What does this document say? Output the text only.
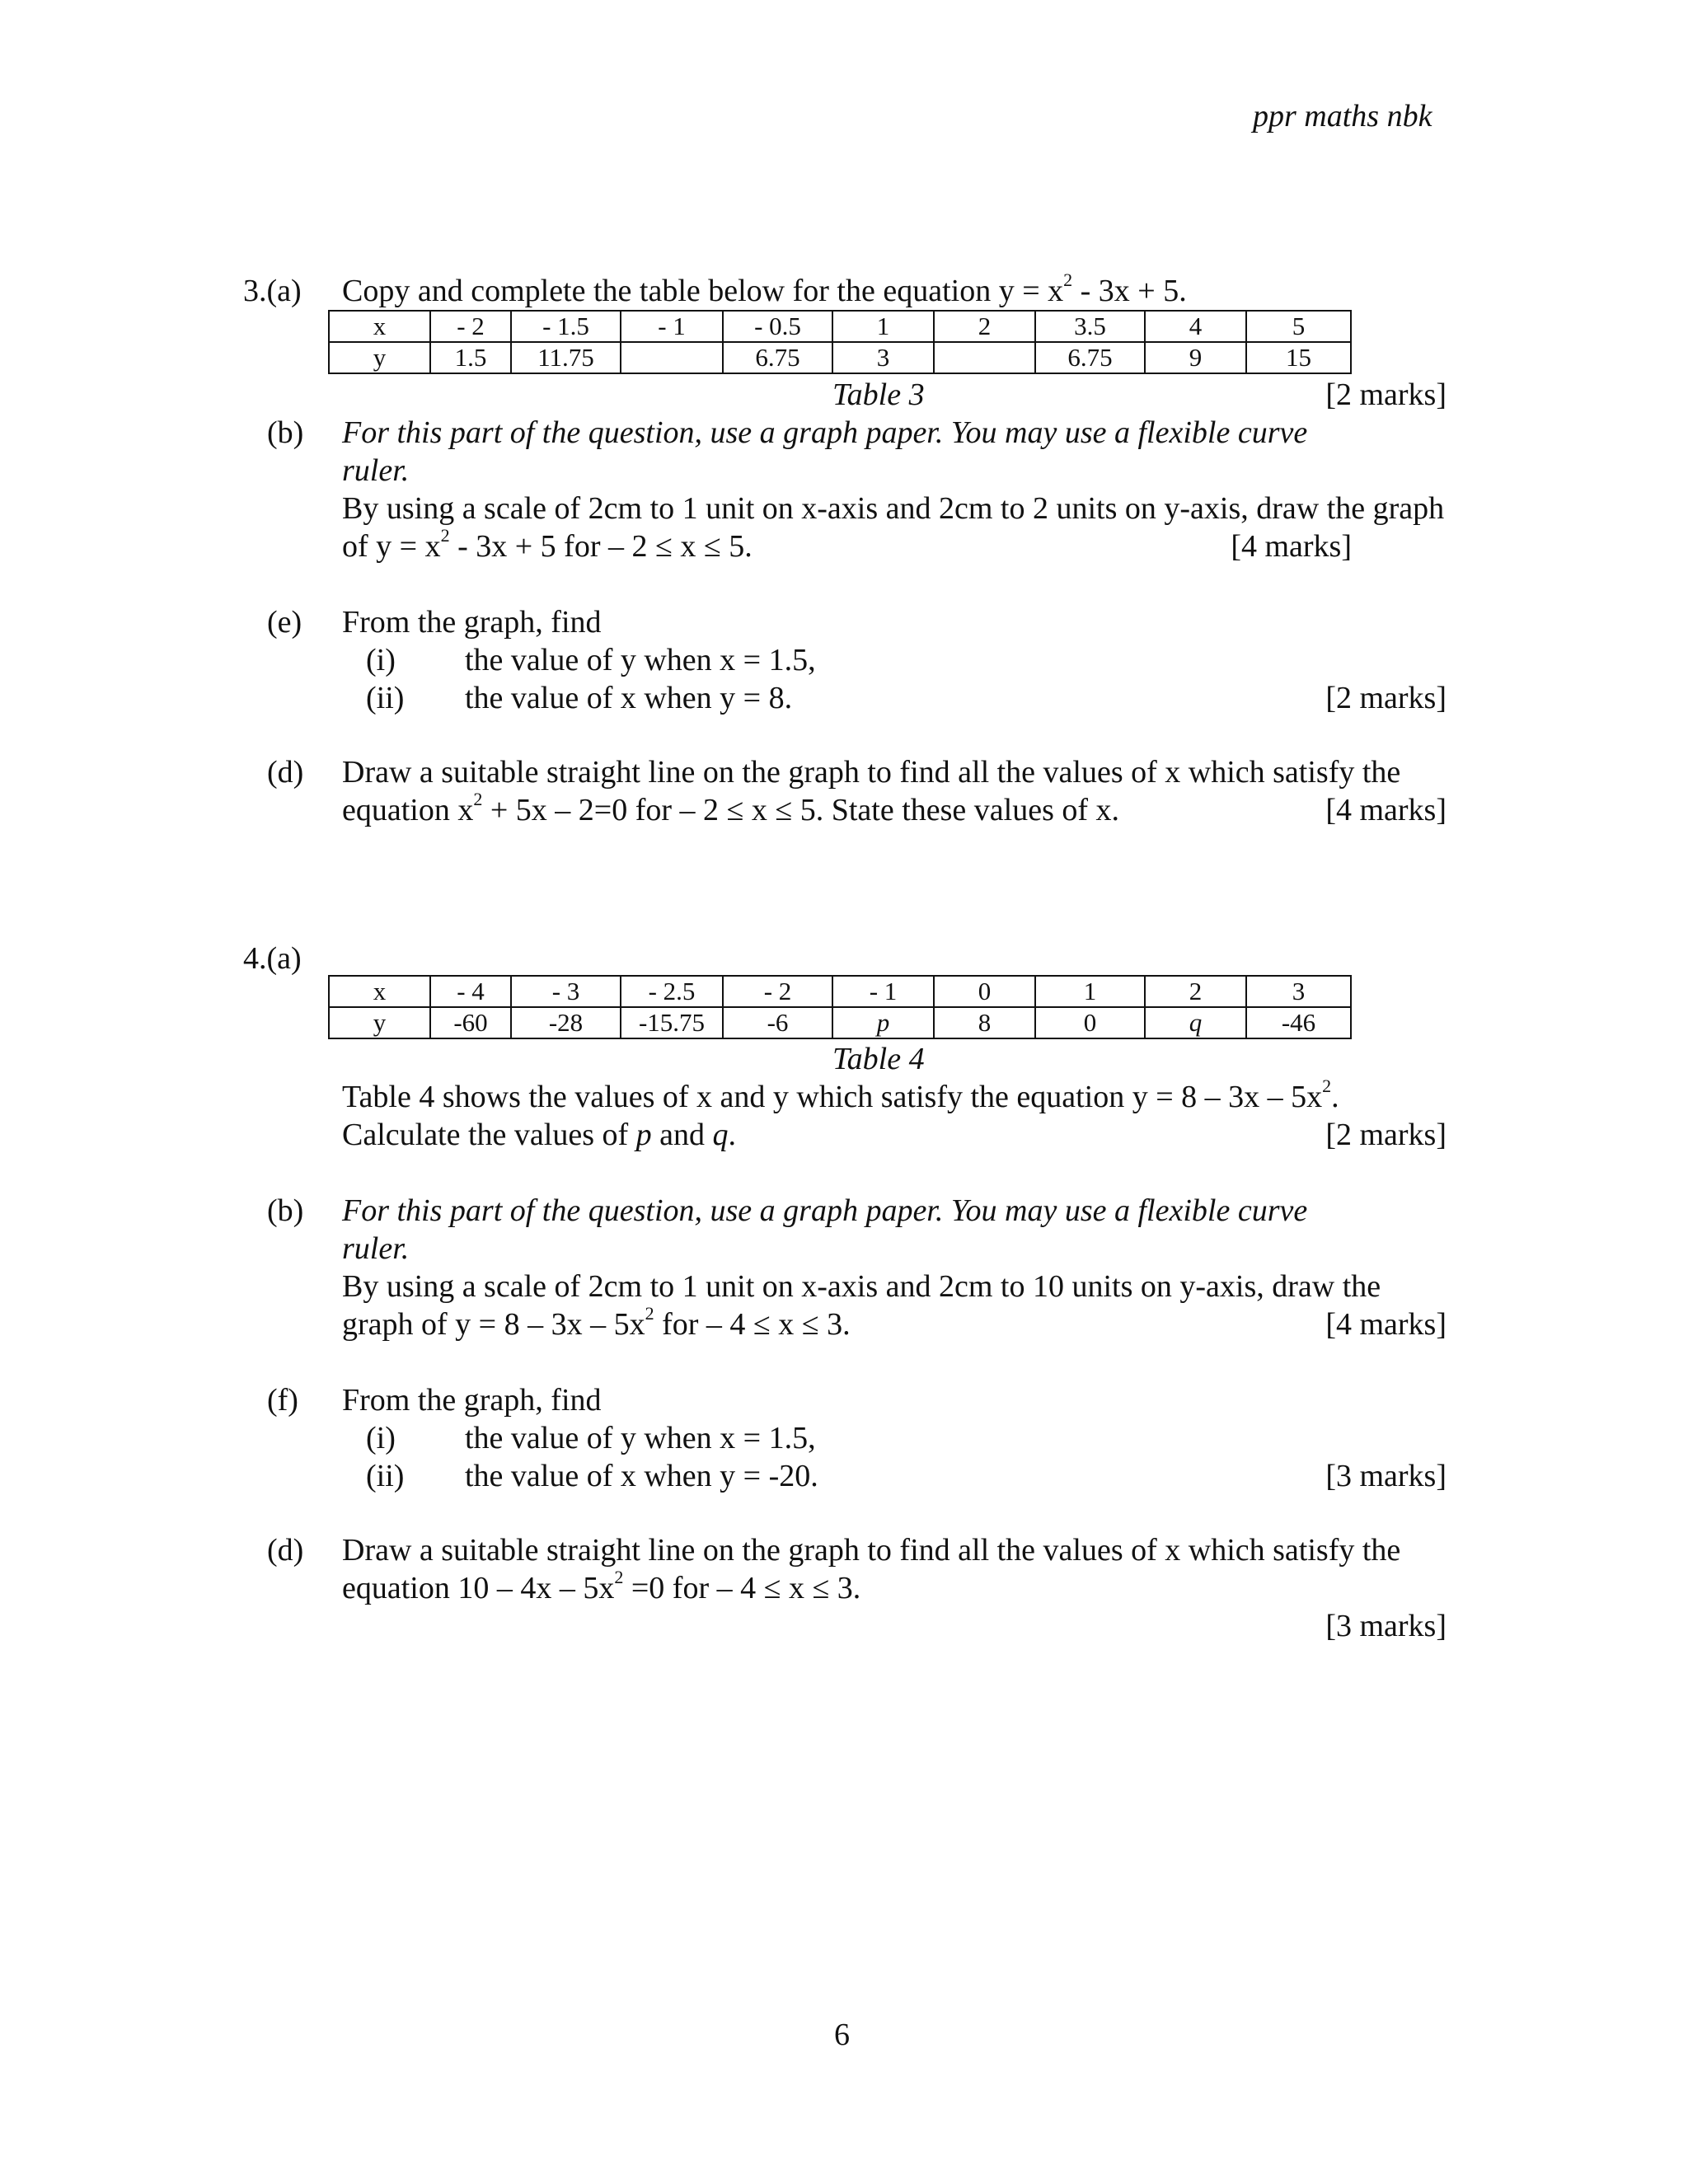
ppr maths nbk
3.(a) Copy and complete the table below for the equation $y = x^2 - 3x + 5$.
x	- 2	- 1.5	- 1	- 0.5	1	2	3.5	4	5
y	1.5	11.75		6.75	3		6.75	9	15
Table 3	[2 marks]
(b) For this part of the question, use a graph paper. You may use a flexible curve
ruler.
By using a scale of 2cm to 1 unit on x-axis and 2cm to 2 units on y-axis, draw the graph
of $y = x^2 - 3x + 5$ for – 2 ≤ x ≤ 5.	[4 marks]
(e) From the graph, find
(i) the value of y when x = 1.5,
(ii) the value of x when y = 8.	[2 marks]
(d) Draw a suitable straight line on the graph to find all the values of x which satisfy the
equation $x^2 + 5x - 2=0$ for – 2 ≤ x ≤ 5. State these values of x.	[4 marks]
4.(a)
x	- 4	- 3	- 2.5	- 2	- 1	0	1	2	3
y	-60	-28	-15.75	-6	p	8	0	q	-46
Table 4
Table 4 shows the values of x and y which satisfy the equation $y = 8 - 3x - 5x^2$.
Calculate the values of p and q.	[2 marks]
(b) For this part of the question, use a graph paper. You may use a flexible curve
ruler.
By using a scale of 2cm to 1 unit on x-axis and 2cm to 10 units on y-axis, draw the
graph of $y = 8 - 3x - 5x^2$ for – 4 ≤ x ≤ 3.	[4 marks]
(f) From the graph, find
(i) the value of y when x = 1.5,
(ii) the value of x when y = -20.	[3 marks]
(d) Draw a suitable straight line on the graph to find all the values of x which satisfy the
equation $10 - 4x - 5x^2 =0$ for – 4 ≤ x ≤ 3.
[3 marks]
6
